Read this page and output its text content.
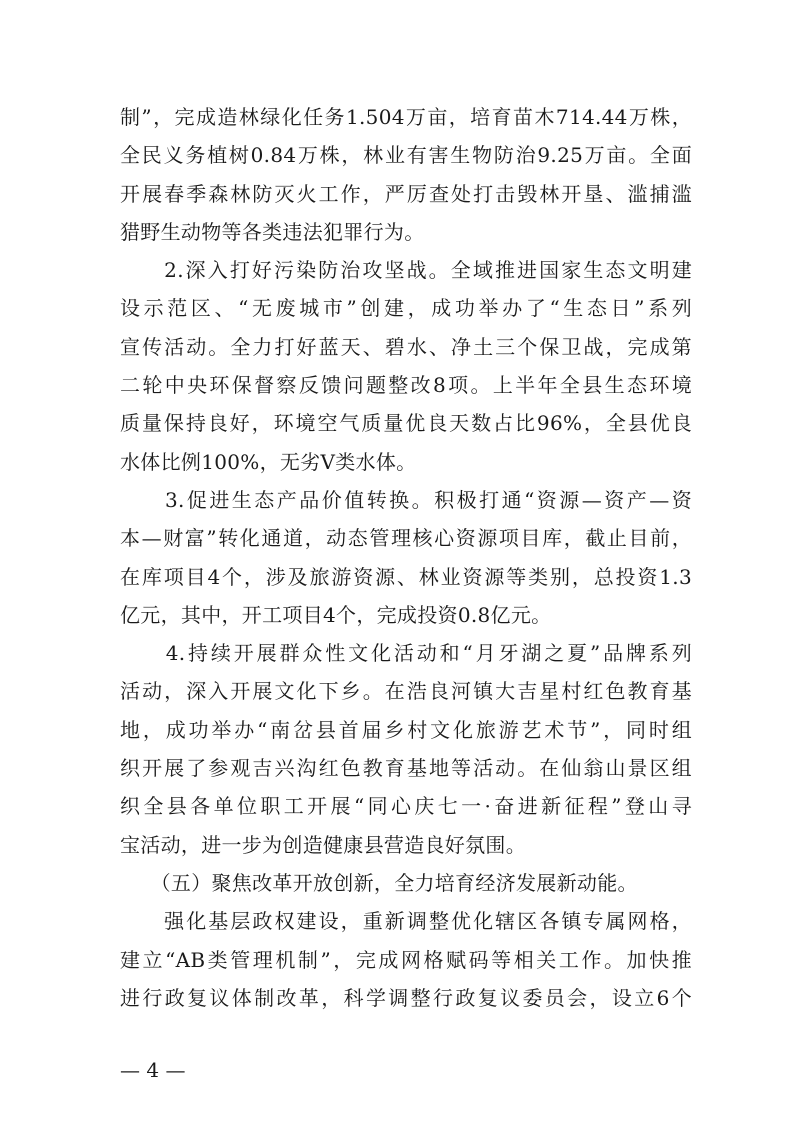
制”，完成造林绿化任务1.504万亩，培育苗木714.44万株，
全民义务植树0.84万株，林业有害生物防治9.25万亩。全面
开展春季森林防灭火工作，严厉查处打击毁林开垦、滥捕滥
猎野生动物等各类违法犯罪行为。
　　2.深入打好污染防治攻坚战。全域推进国家生态文明建
设示范区、“无废城市”创建，成功举办了“生态日”系列
宣传活动。全力打好蓝天、碧水、净土三个保卫战，完成第
二轮中央环保督察反馈问题整改8项。上半年全县生态环境
质量保持良好，环境空气质量优良天数占比96%，全县优良
水体比例100%，无劣Ⅴ类水体。
　　3.促进生态产品价值转换。积极打通“资源—资产—资
本—财富”转化通道，动态管理核心资源项目库，截止目前，
在库项目4个，涉及旅游资源、林业资源等类别，总投资1.3
亿元，其中，开工项目4个，完成投资0.8亿元。
　　4.持续开展群众性文化活动和“月牙湖之夏”品牌系列
活动，深入开展文化下乡。在浩良河镇大吉星村红色教育基
地，成功举办“南岔县首届乡村文化旅游艺术节”，同时组
织开展了参观吉兴沟红色教育基地等活动。在仙翁山景区组
织全县各单位职工开展“同心庆七一·奋进新征程”登山寻
宝活动，进一步为创造健康县营造良好氛围。
　　（五）聚焦改革开放创新，全力培育经济发展新动能。
　　强化基层政权建设，重新调整优化辖区各镇专属网格，
建立“AB类管理机制”，完成网格赋码等相关工作。加快推
进行政复议体制改革，科学调整行政复议委员会，设立6个
— 4 —
